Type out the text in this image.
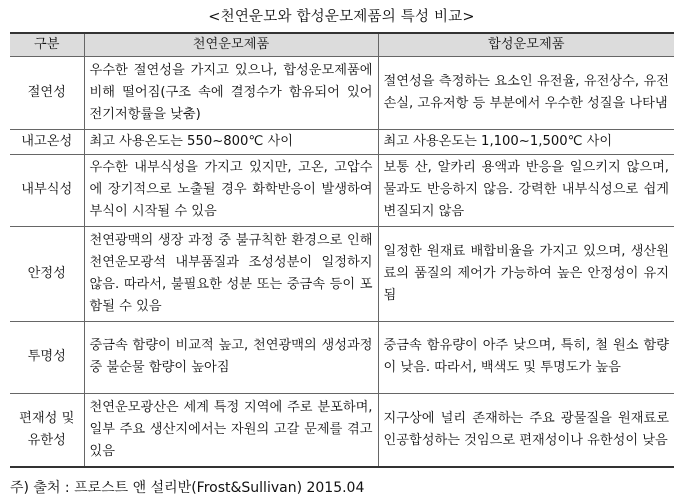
<천연운모와 합성운모제품의 특성 비교>
구분	천연운모제품	합성운모제품
절연성	우수한 절연성을 가지고 있으나, 합성운모제품에 비해 떨어짐(구조 속에 결정수가 함유되어 있어 전기저항률을 낮춤)	절연성을 측정하는 요소인 유전율, 유전상수, 유전손실, 고유저항 등 부분에서 우수한 성질을 나타냄
내고온성	최고 사용온도는 550~800℃ 사이	최고 사용온도는 1,100~1,500℃ 사이
내부식성	우수한 내부식성을 가지고 있지만, 고온, 고압수에 장기적으로 노출될 경우 화학반응이 발생하여 부식이 시작될 수 있음	보통 산, 알카리 용액과 반응을 일으키지 않으며, 물과도 반응하지 않음. 강력한 내부식성으로 쉽게 변질되지 않음
안정성	천연광맥의 생장 과정 중 불규칙한 환경으로 인해 천연운모광석 내부품질과 조성성분이 일정하지 않음. 따라서, 불필요한 성분 또는 중금속 등이 포함될 수 있음	일정한 원재료 배합비율을 가지고 있으며, 생산원료의 품질의 제어가 가능하여 높은 안정성이 유지됨
투명성	중금속 함량이 비교적 높고, 천연광맥의 생성과정 중 불순물 함량이 높아짐	중금속 함유량이 아주 낮으며, 특히, 철 원소 함량이 낮음. 따라서, 백색도 및 투명도가 높음
편재성 및
유한성	천연운모광산은 세계 특정 지역에 주로 분포하며, 일부 주요 생산지에서는 자원의 고갈 문제를 겪고 있음	지구상에 널리 존재하는 주요 광물질을 원재료로 인공합성하는 것임으로 편재성이나 유한성이 낮음
주) 출처 : 프로스트 앤 설리반(Frost&Sullivan) 2015.04
